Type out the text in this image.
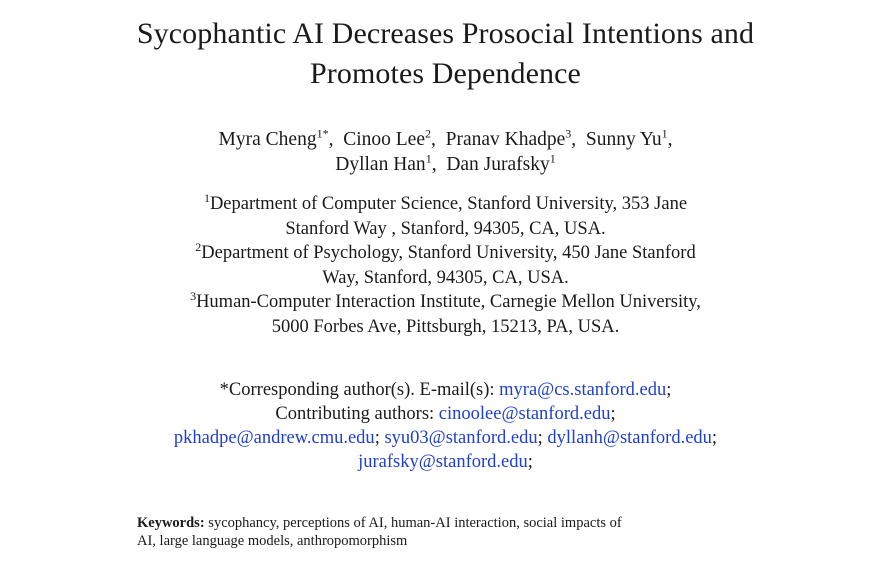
Sycophantic AI Decreases Prosocial Intentions and
Promotes Dependence
Myra Cheng$^{1*}$, Cinoo Lee$^2$, Pranav Khadpe$^3$, Sunny Yu$^1$,
Dyllan Han$^1$, Dan Jurafsky$^1$
$^1$Department of Computer Science, Stanford University, 353 Jane
Stanford Way , Stanford, 94305, CA, USA.
$^2$Department of Psychology, Stanford University, 450 Jane Stanford
Way, Stanford, 94305, CA, USA.
$^3$Human-Computer Interaction Institute, Carnegie Mellon University,
5000 Forbes Ave, Pittsburgh, 15213, PA, USA.
*Corresponding author(s). E-mail(s): myra@cs.stanford.edu;
Contributing authors: cinoolee@stanford.edu;
pkhadpe@andrew.cmu.edu; syu03@stanford.edu; dyllanh@stanford.edu;
jurafsky@stanford.edu;
Keywords: sycophancy, perceptions of AI, human-AI interaction, social impacts of
AI, large language models, anthropomorphism
